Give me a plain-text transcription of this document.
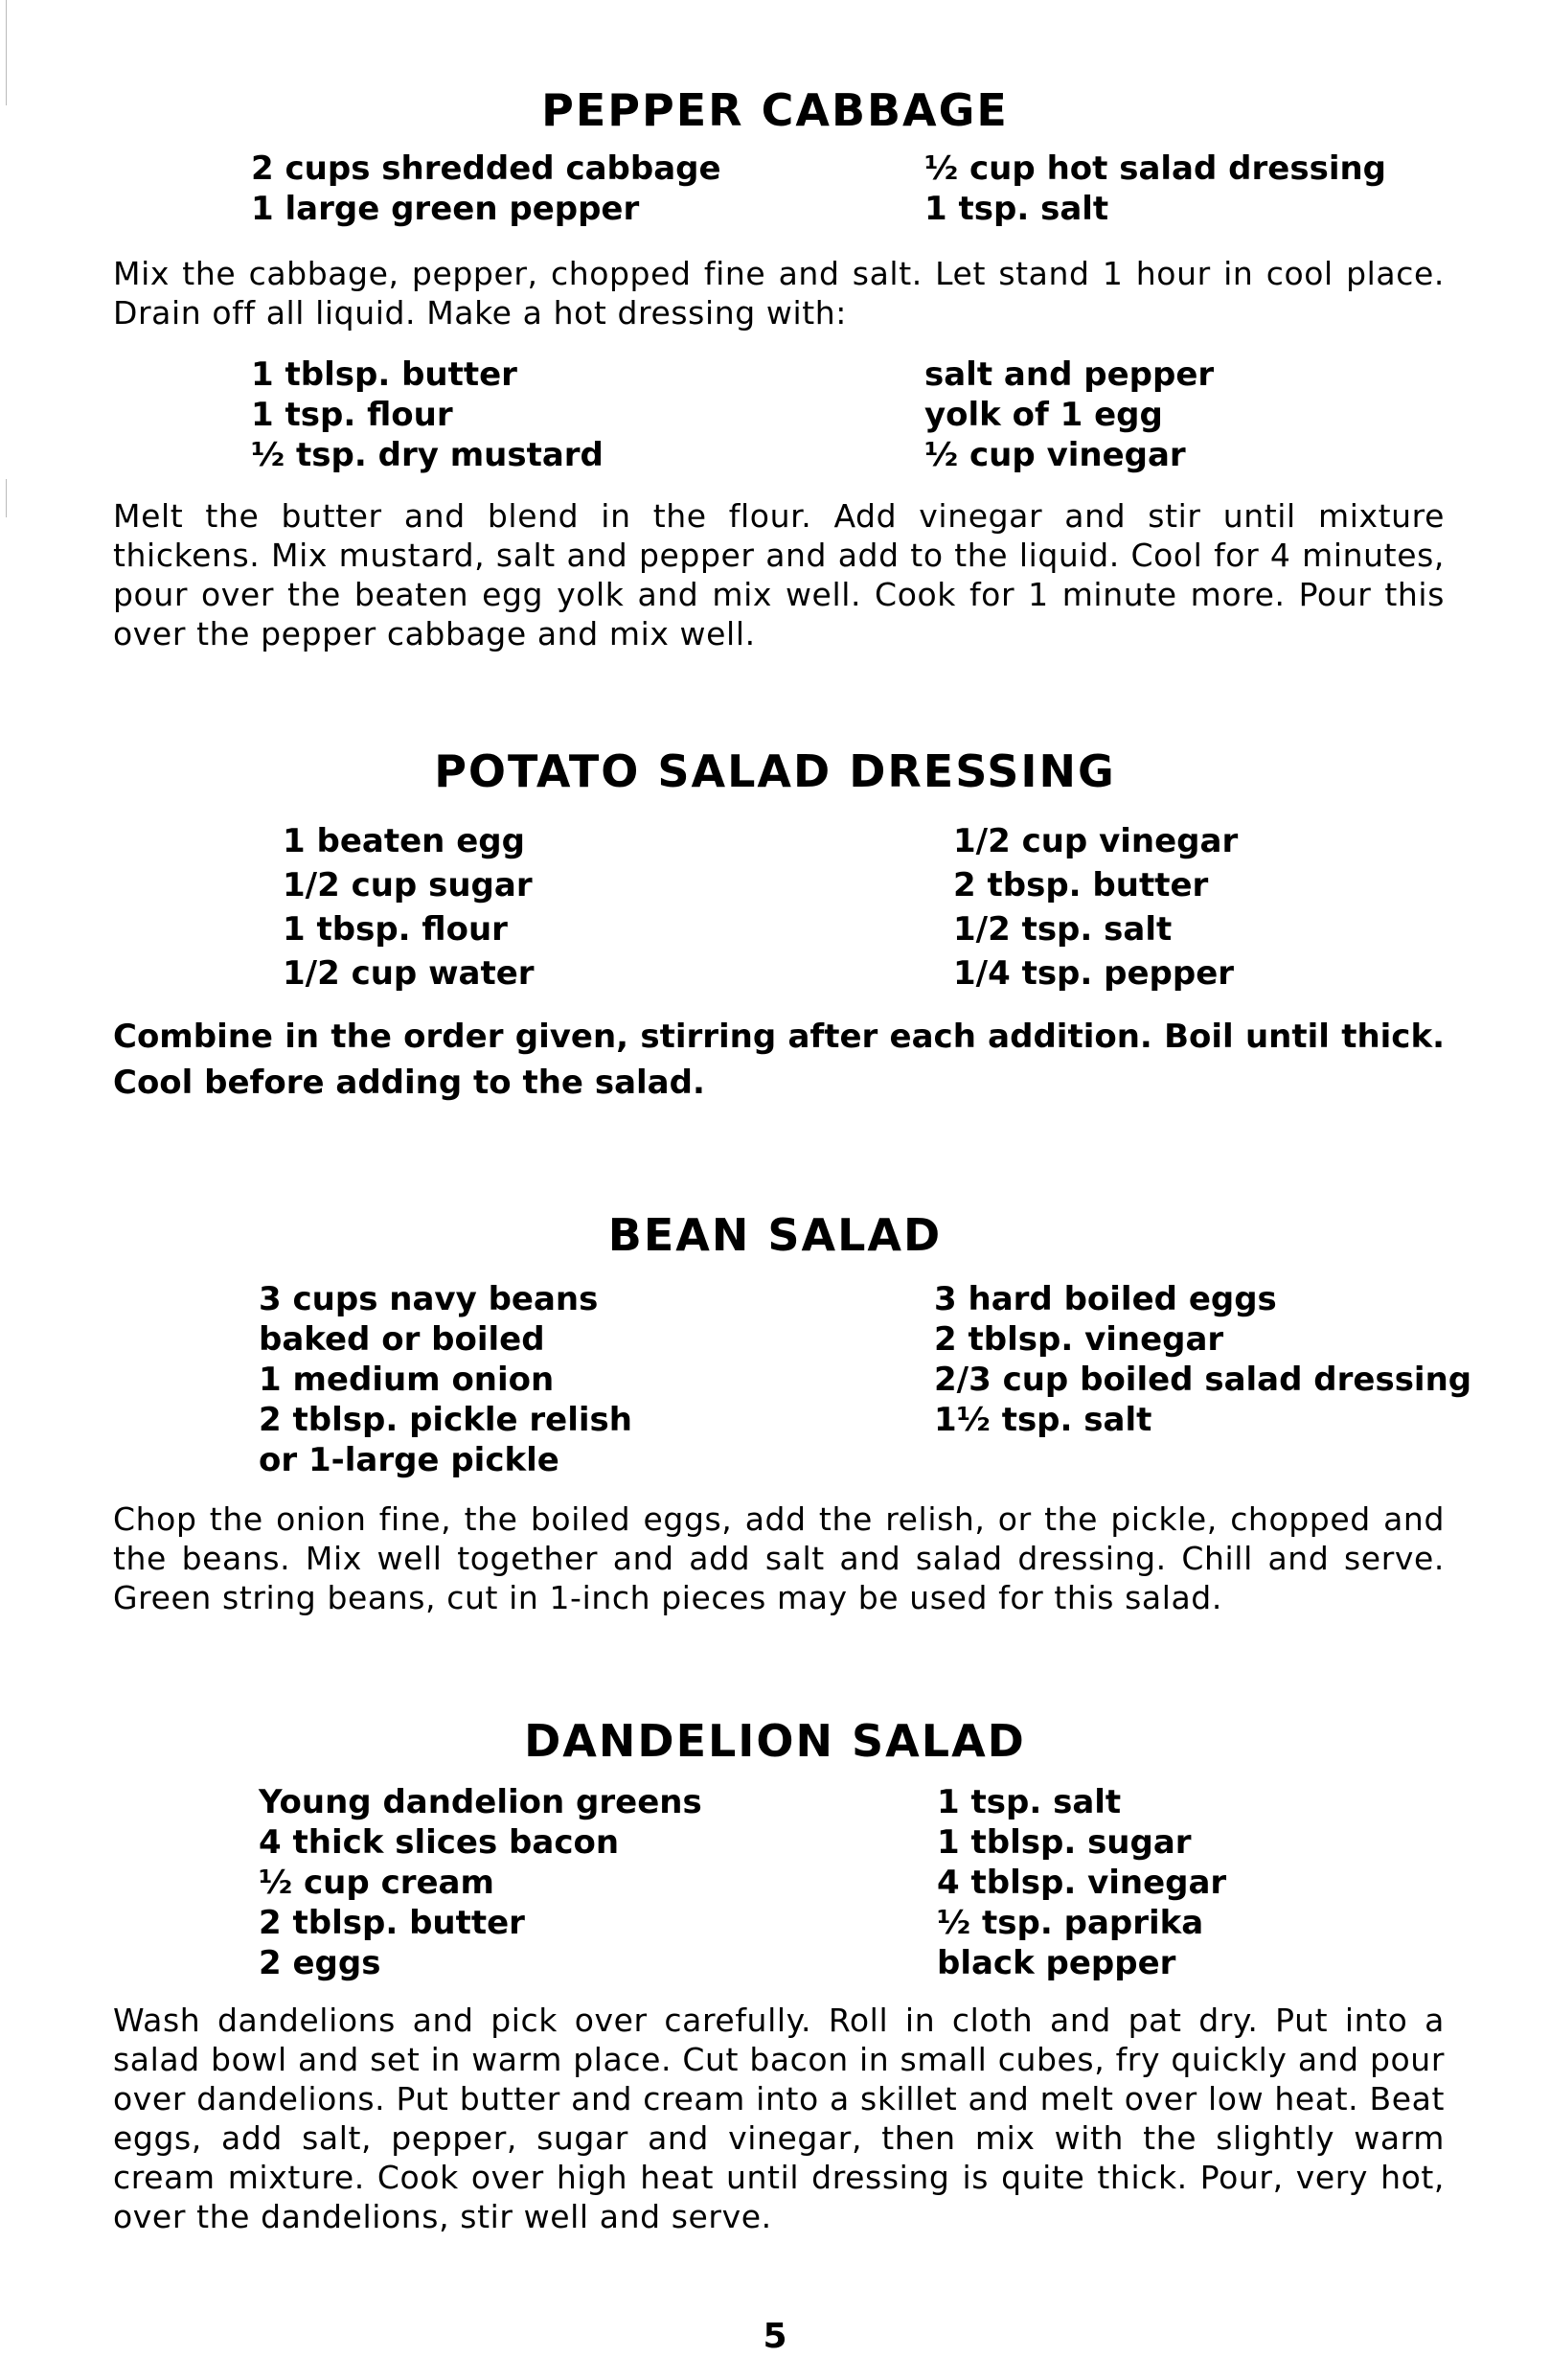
PEPPER CABBAGE
2 cups shredded cabbage
1 large green pepper
½ cup hot salad dressing
1 tsp. salt
Mix the cabbage, pepper, chopped fine and salt. Let stand 1 hour in cool place. Drain off all liquid. Make a hot dressing with:
1 tblsp. butter
1 tsp. flour
½ tsp. dry mustard
salt and pepper
yolk of 1 egg
½ cup vinegar
Melt the butter and blend in the flour. Add vinegar and stir until mixture thickens. Mix mustard, salt and pepper and add to the liquid. Cool for 4 minutes, pour over the beaten egg yolk and mix well. Cook for 1 minute more. Pour this over the pepper cabbage and mix well.
POTATO SALAD DRESSING
1 beaten egg
1/2 cup sugar
1 tbsp. flour
1/2 cup water
1/2 cup vinegar
2 tbsp. butter
1/2 tsp. salt
1/4 tsp. pepper
Combine in the order given, stirring after each addition. Boil until thick. Cool before adding to the salad.
BEAN SALAD
3 cups navy beans
baked or boiled
1 medium onion
2 tblsp. pickle relish
or 1-large pickle
3 hard boiled eggs
2 tblsp. vinegar
2/3 cup boiled salad dressing
1½ tsp. salt
Chop the onion fine, the boiled eggs, add the relish, or the pickle, chopped and the beans. Mix well together and add salt and salad dressing. Chill and serve. Green string beans, cut in 1-inch pieces may be used for this salad.
DANDELION SALAD
Young dandelion greens
4 thick slices bacon
½ cup cream
2 tblsp. butter
2 eggs
1 tsp. salt
1 tblsp. sugar
4 tblsp. vinegar
½ tsp. paprika
black pepper
Wash dandelions and pick over carefully. Roll in cloth and pat dry. Put into a salad bowl and set in warm place. Cut bacon in small cubes, fry quickly and pour over dandelions. Put butter and cream into a skillet and melt over low heat. Beat eggs, add salt, pepper, sugar and vinegar, then mix with the slightly warm cream mixture. Cook over high heat until dressing is quite thick. Pour, very hot, over the dandelions, stir well and serve.
5
